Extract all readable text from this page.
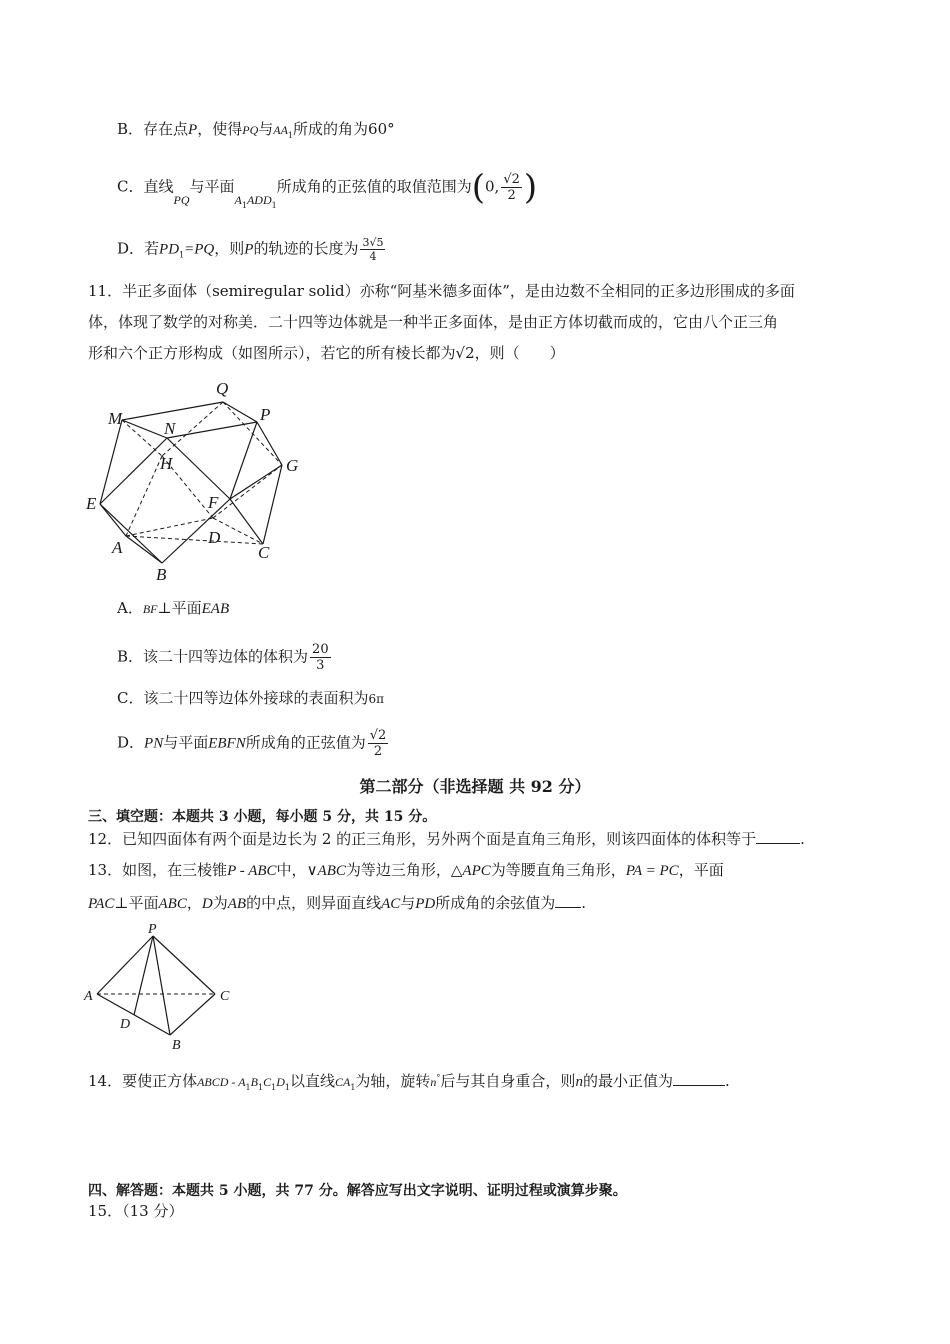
B．存在点P，使得PQ与$AA_1$所成的角为60°
C．直线$_{PQ}$与平面$_{A1ADD1}$所成角的正弦值的取值范围为(0, $\frac{√2}{2}$ )
D．若$PD_1=PQ$，则P的轨迹的长度为 $\frac{3√5}{4}$
11．半正多面体（semiregular solid）亦称“阿基米德多面体”，是由边数不全相同的正多边形围成的多面
体，体现了数学的对称美．二十四等边体就是一种半正多面体，是由正方体切截而成的，它由八个正三角
形和六个正方形构成（如图所示），若它的所有棱长都为√2，则（　　）
Q
M	P
N
H	G
E	F
D
A	C
B
A．BF⊥平面EAB
B．该二十四等边体的体积为 $\frac{20}{3}$
C．该二十四等边体外接球的表面积为6π
D．PN与平面EBFN所成角的正弦值为 $\frac{√2}{2}$
第二部分（非选择题 共 92 分）
三、填空题：本题共 3 小题，每小题 5 分，共 15 分。
12．已知四面体有两个面是边长为 2 的正三角形，另外两个面是直角三角形，则该四面体的体积等于	.
13．如图，在三棱锥P - ABC中，∨ABC为等边三角形，△APC为等腰直角三角形，PA = PC，平面
PAC⊥平面ABC，D为AB的中点，则异面直线AC与PD所成角的余弦值为 .
P
A	C
D
B
14．要使正方体ABCD - $A_1B_1C_1D_1$以直线$CA_1$为轴，旋转n°后与其自身重合，则n的最小正值为	.
四、解答题：本题共 5 小题，共 77 分。解答应写出文字说明、证明过程或演算步聚。
15．（13 分）
